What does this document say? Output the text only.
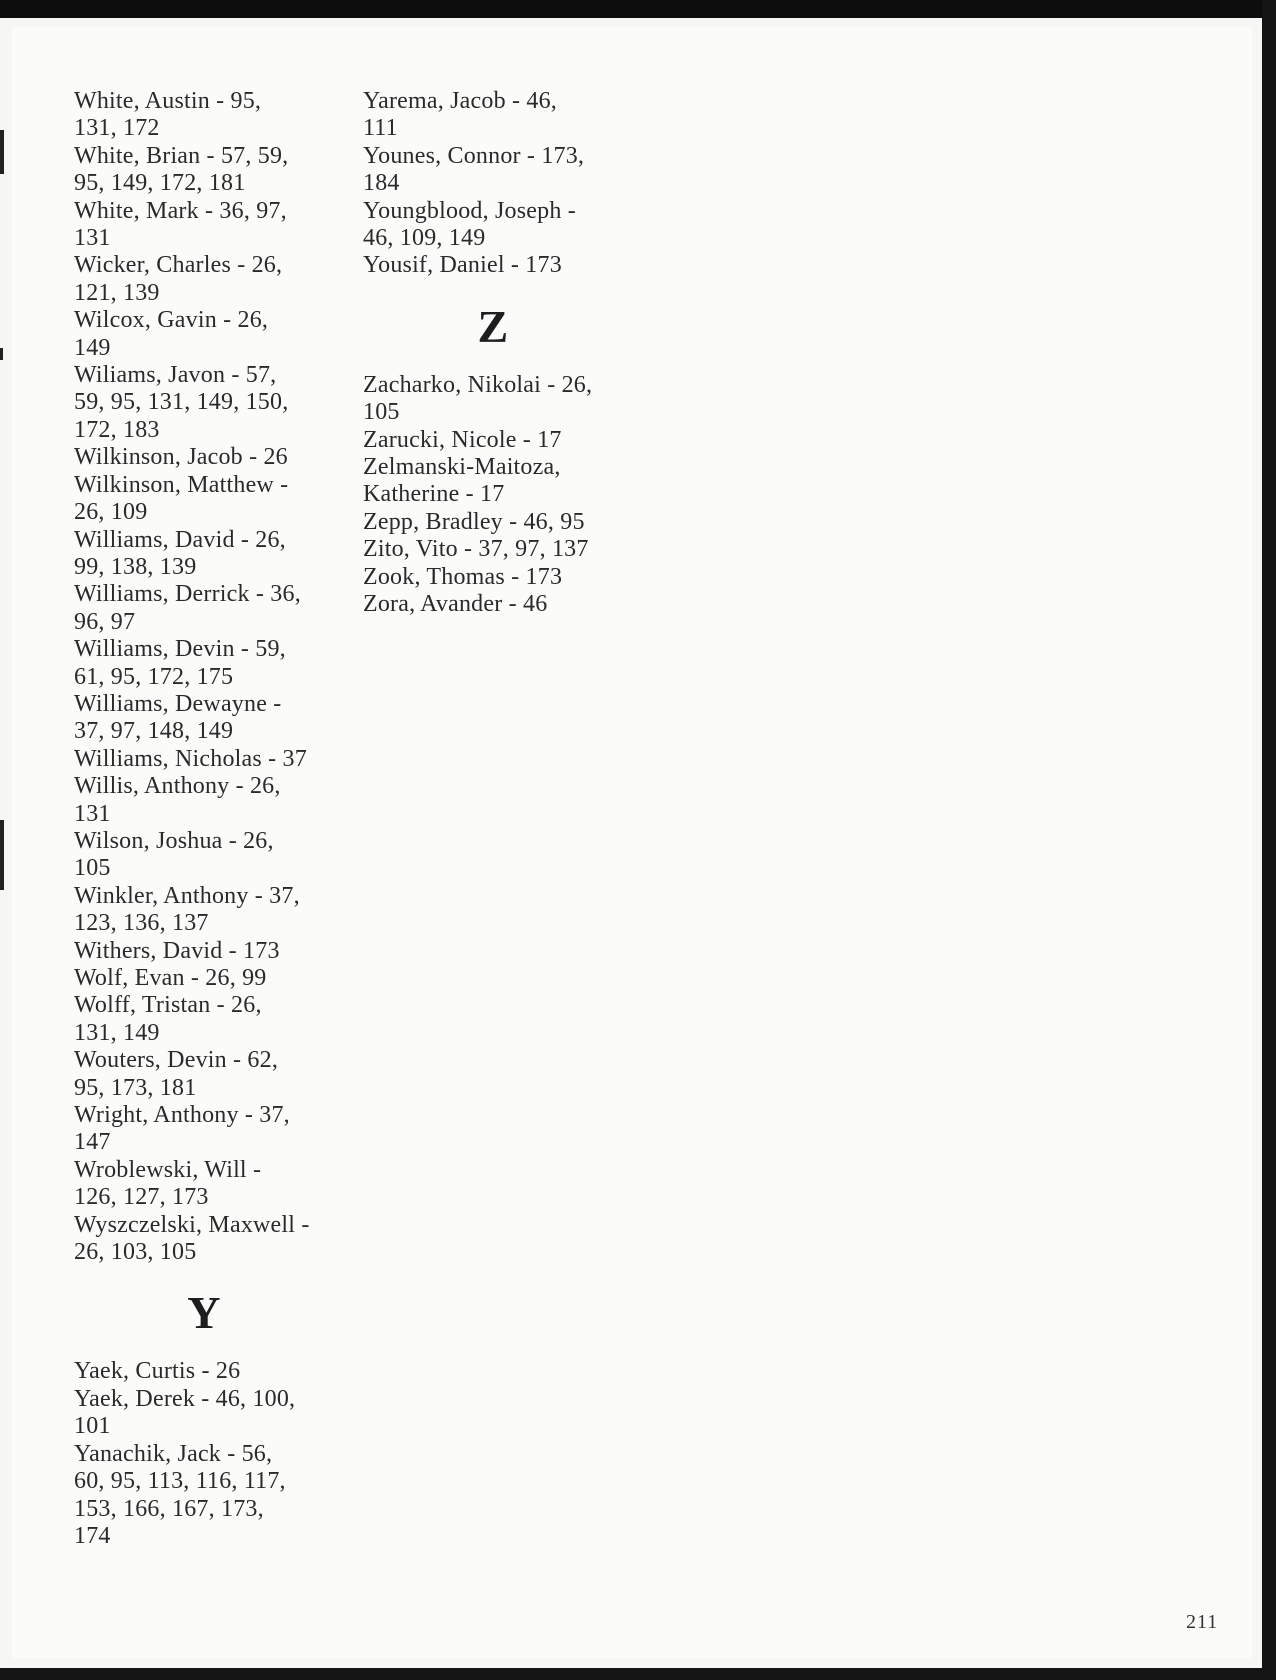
White, Austin - 95,
131, 172

White, Brian - 57, 59,
95, 149, 172, 181

White, Mark - 36, 97,
131

Wicker, Charles - 26,
121, 139

Wilcox, Gavin - 26,
149

Wiliams, Javon - 57,
59, 95, 131, 149, 150,
172, 183

Wilkinson, Jacob - 26

Wilkinson, Matthew -
26, 109

Williams, David - 26,
99, 138, 139

Williams, Derrick - 36,
96, 97

Williams, Devin - 59,
61, 95, 172, 175

Williams, Dewayne -
37, 97, 148, 149

Williams, Nicholas - 37

Willis, Anthony - 26,
131

Wilson, Joshua - 26,
105

Winkler, Anthony - 37,
123, 136, 137

Withers, David - 173

Wolf, Evan - 26, 99

Wolff, Tristan - 26,
131, 149

Wouters, Devin - 62,
95, 173, 181

Wright, Anthony - 37,
147

Wroblewski, Will -
126, 127, 173

Wyszczelski, Maxwell -
26, 103, 105

Y

Yaek, Curtis - 26

Yaek, Derek - 46, 100,
101

Yanachik, Jack - 56,
60, 95, 113, 116, 117,
153, 166, 167, 173,
174

Yarema, Jacob - 46,
111

Younes, Connor - 173,
184

Youngblood, Joseph -
46, 109, 149

Yousif, Daniel - 173

Z

Zacharko, Nikolai - 26,
105

Zarucki, Nicole - 17

Zelmanski-Maitoza,
Katherine - 17

Zepp, Bradley - 46, 95

Zito, Vito - 37, 97, 137

Zook, Thomas - 173

Zora, Avander - 46

211
